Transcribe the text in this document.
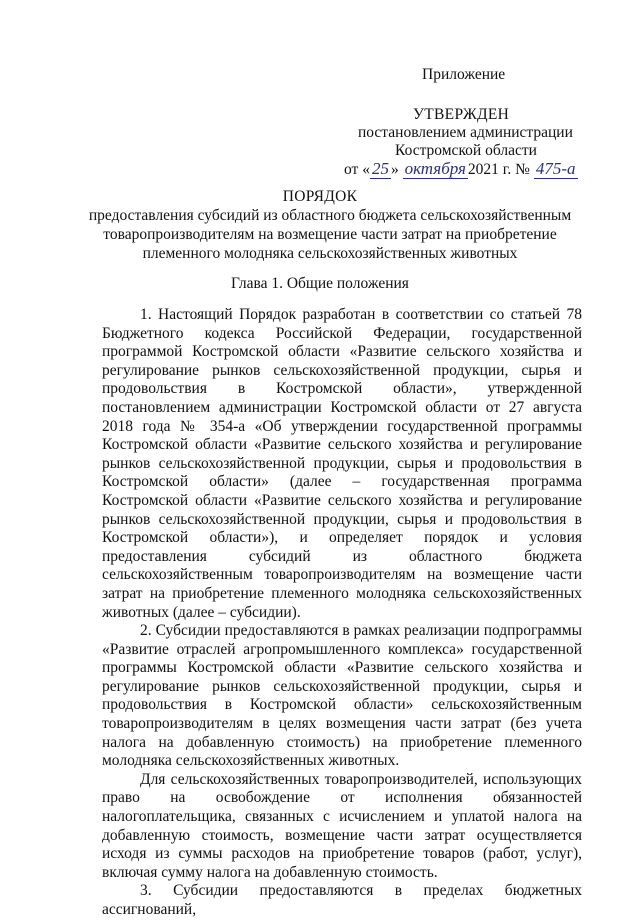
Приложение
УТВЕРЖДЕН
постановлением администрации
Костромской области
от « 25 » октября 2021 г. № 475-а
ПОРЯДОК
предоставления субсидий из областного бюджета сельскохозяйственным товаропроизводителям на возмещение части затрат на приобретение племенного молодняка сельскохозяйственных животных
Глава 1. Общие положения

1. Настоящий Порядок разработан в соответствии со статьей 78 Бюджетного кодекса Российской Федерации, государственной программой Костромской области «Развитие сельского хозяйства и регулирование рынков сельскохозяйственной продукции, сырья и продовольствия в Костромской области», утвержденной постановлением администрации Костромской области от 27 августа 2018 года № 354-а «Об утверждении государственной программы Костромской области «Развитие сельского хозяйства и регулирование рынков сельскохозяйственной продукции, сырья и продовольствия в Костромской области» (далее – государственная программа Костромской области «Развитие сельского хозяйства и регулирование рынков сельскохозяйственной продукции, сырья и продовольствия в Костромской области»), и определяет порядок и условия предоставления субсидий из областного бюджета сельскохозяйственным товаропроизводителям на возмещение части затрат на приобретение племенного молодняка сельскохозяйственных животных (далее – субсидии).

2. Субсидии предоставляются в рамках реализации подпрограммы «Развитие отраслей агропромышленного комплекса» государственной программы Костромской области «Развитие сельского хозяйства и регулирование рынков сельскохозяйственной продукции, сырья и продовольствия в Костромской области» сельскохозяйственным товаропроизводителям в целях возмещения части затрат (без учета налога на добавленную стоимость) на приобретение племенного молодняка сельскохозяйственных животных.

Для сельскохозяйственных товаропроизводителей, использующих право на освобождение от исполнения обязанностей налогоплательщика, связанных с исчислением и уплатой налога на добавленную стоимость, возмещение части затрат осуществляется исходя из суммы расходов на приобретение товаров (работ, услуг), включая сумму налога на добавленную стоимость.

3. Субсидии предоставляются в пределах бюджетных ассигнований,
